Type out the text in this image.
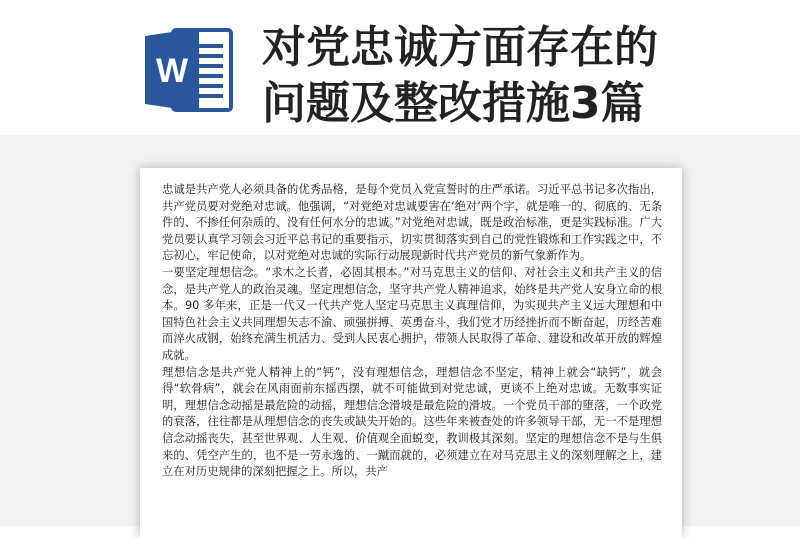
W 对党忠诚方面存在的
问题及整改措施3篇

忠诚是共产党人必须具备的优秀品格，是每个党员入党宣誓时的庄严承诺。习近平总书记多次指出，共产党员要对党绝对忠诚。他强调，“对党绝对忠诚要害在‘绝对’两个字，就是唯一的、彻底的、无条件的、不掺任何杂质的、没有任何水分的忠诚。”对党绝对忠诚，既是政治标准，更是实践标准。广大党员要认真学习领会习近平总书记的重要指示，切实贯彻落实到自己的党性锻炼和工作实践之中，不忘初心，牢记使命，以对党绝对忠诚的实际行动展现新时代共产党员的新气象新作为。

一要坚定理想信念。“求木之长者，必固其根本。”对马克思主义的信仰、对社会主义和共产主义的信念，是共产党人的政治灵魂。坚定理想信念，坚守共产党人精神追求，始终是共产党人安身立命的根本。90 多年来，正是一代又一代共产党人坚定马克思主义真理信仰，为实现共产主义远大理想和中国特色社会主义共同理想矢志不渝、顽强拼搏、英勇奋斗，我们党才历经挫折而不断奋起，历经苦难而淬火成钢，始终充满生机活力、受到人民衷心拥护，带领人民取得了革命、建设和改革开放的辉煌成就。

理想信念是共产党人精神上的“钙”，没有理想信念，理想信念不坚定，精神上就会“缺钙”，就会得“软骨病”，就会在风雨面前东摇西摆，就不可能做到对党忠诚，更谈不上绝对忠诚。无数事实证明，理想信念动摇是最危险的动摇，理想信念滑坡是最危险的滑坡。一个党员干部的堕落，一个政党的衰落，往往都是从理想信念的丧失或缺失开始的。这些年来被查处的许多领导干部，无一不是理想信念动摇丧失，甚至世界观、人生观、价值观全面蜕变，教训极其深刻。坚定的理想信念不是与生俱来的、凭空产生的，也不是一劳永逸的、一蹴而就的，必须建立在对马克思主义的深刻理解之上，建立在对历史规律的深刻把握之上。所以，共产
